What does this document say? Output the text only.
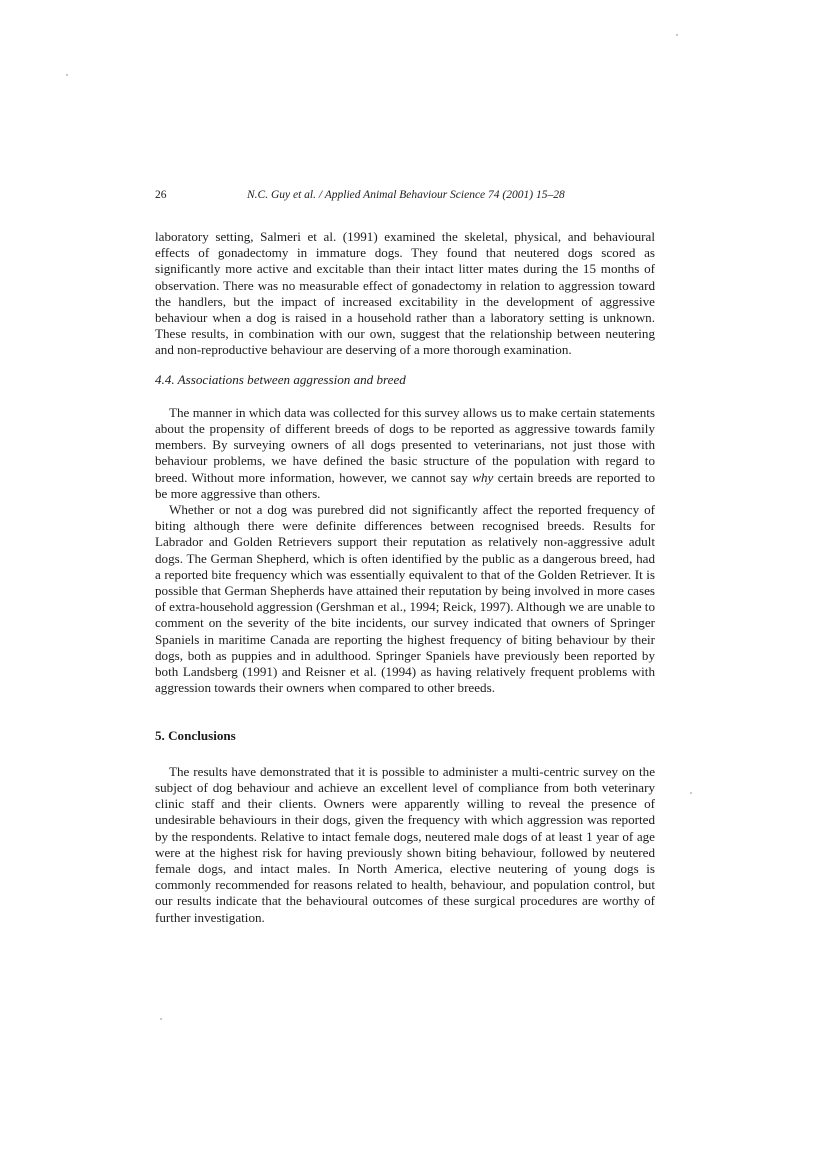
26	N.C. Guy et al. / Applied Animal Behaviour Science 74 (2001) 15–28

laboratory setting, Salmeri et al. (1991) examined the skeletal, physical, and behavioural effects of gonadectomy in immature dogs. They found that neutered dogs scored as significantly more active and excitable than their intact litter mates during the 15 months of observation. There was no measurable effect of gonadectomy in relation to aggression toward the handlers, but the impact of increased excitability in the development of aggressive behaviour when a dog is raised in a household rather than a laboratory setting is unknown. These results, in combination with our own, suggest that the relationship between neutering and non-reproductive behaviour are deserving of a more thorough examination.

4.4. Associations between aggression and breed

The manner in which data was collected for this survey allows us to make certain statements about the propensity of different breeds of dogs to be reported as aggressive towards family members. By surveying owners of all dogs presented to veterinarians, not just those with behaviour problems, we have defined the basic structure of the population with regard to breed. Without more information, however, we cannot say why certain breeds are reported to be more aggressive than others.

Whether or not a dog was purebred did not significantly affect the reported frequency of biting although there were definite differences between recognised breeds. Results for Labrador and Golden Retrievers support their reputation as relatively non-aggressive adult dogs. The German Shepherd, which is often identified by the public as a dangerous breed, had a reported bite frequency which was essentially equivalent to that of the Golden Retriever. It is possible that German Shepherds have attained their reputation by being involved in more cases of extra-household aggression (Gershman et al., 1994; Reick, 1997). Although we are unable to comment on the severity of the bite incidents, our survey indicated that owners of Springer Spaniels in maritime Canada are reporting the highest frequency of biting behaviour by their dogs, both as puppies and in adulthood. Springer Spaniels have previously been reported by both Landsberg (1991) and Reisner et al. (1994) as having relatively frequent problems with aggression towards their owners when compared to other breeds.

5. Conclusions

The results have demonstrated that it is possible to administer a multi-centric survey on the subject of dog behaviour and achieve an excellent level of compliance from both veterinary clinic staff and their clients. Owners were apparently willing to reveal the presence of undesirable behaviours in their dogs, given the frequency with which aggression was reported by the respondents. Relative to intact female dogs, neutered male dogs of at least 1 year of age were at the highest risk for having previously shown biting behaviour, followed by neutered female dogs, and intact males. In North America, elective neutering of young dogs is commonly recommended for reasons related to health, behaviour, and population control, but our results indicate that the behavioural outcomes of these surgical procedures are worthy of further investigation.
